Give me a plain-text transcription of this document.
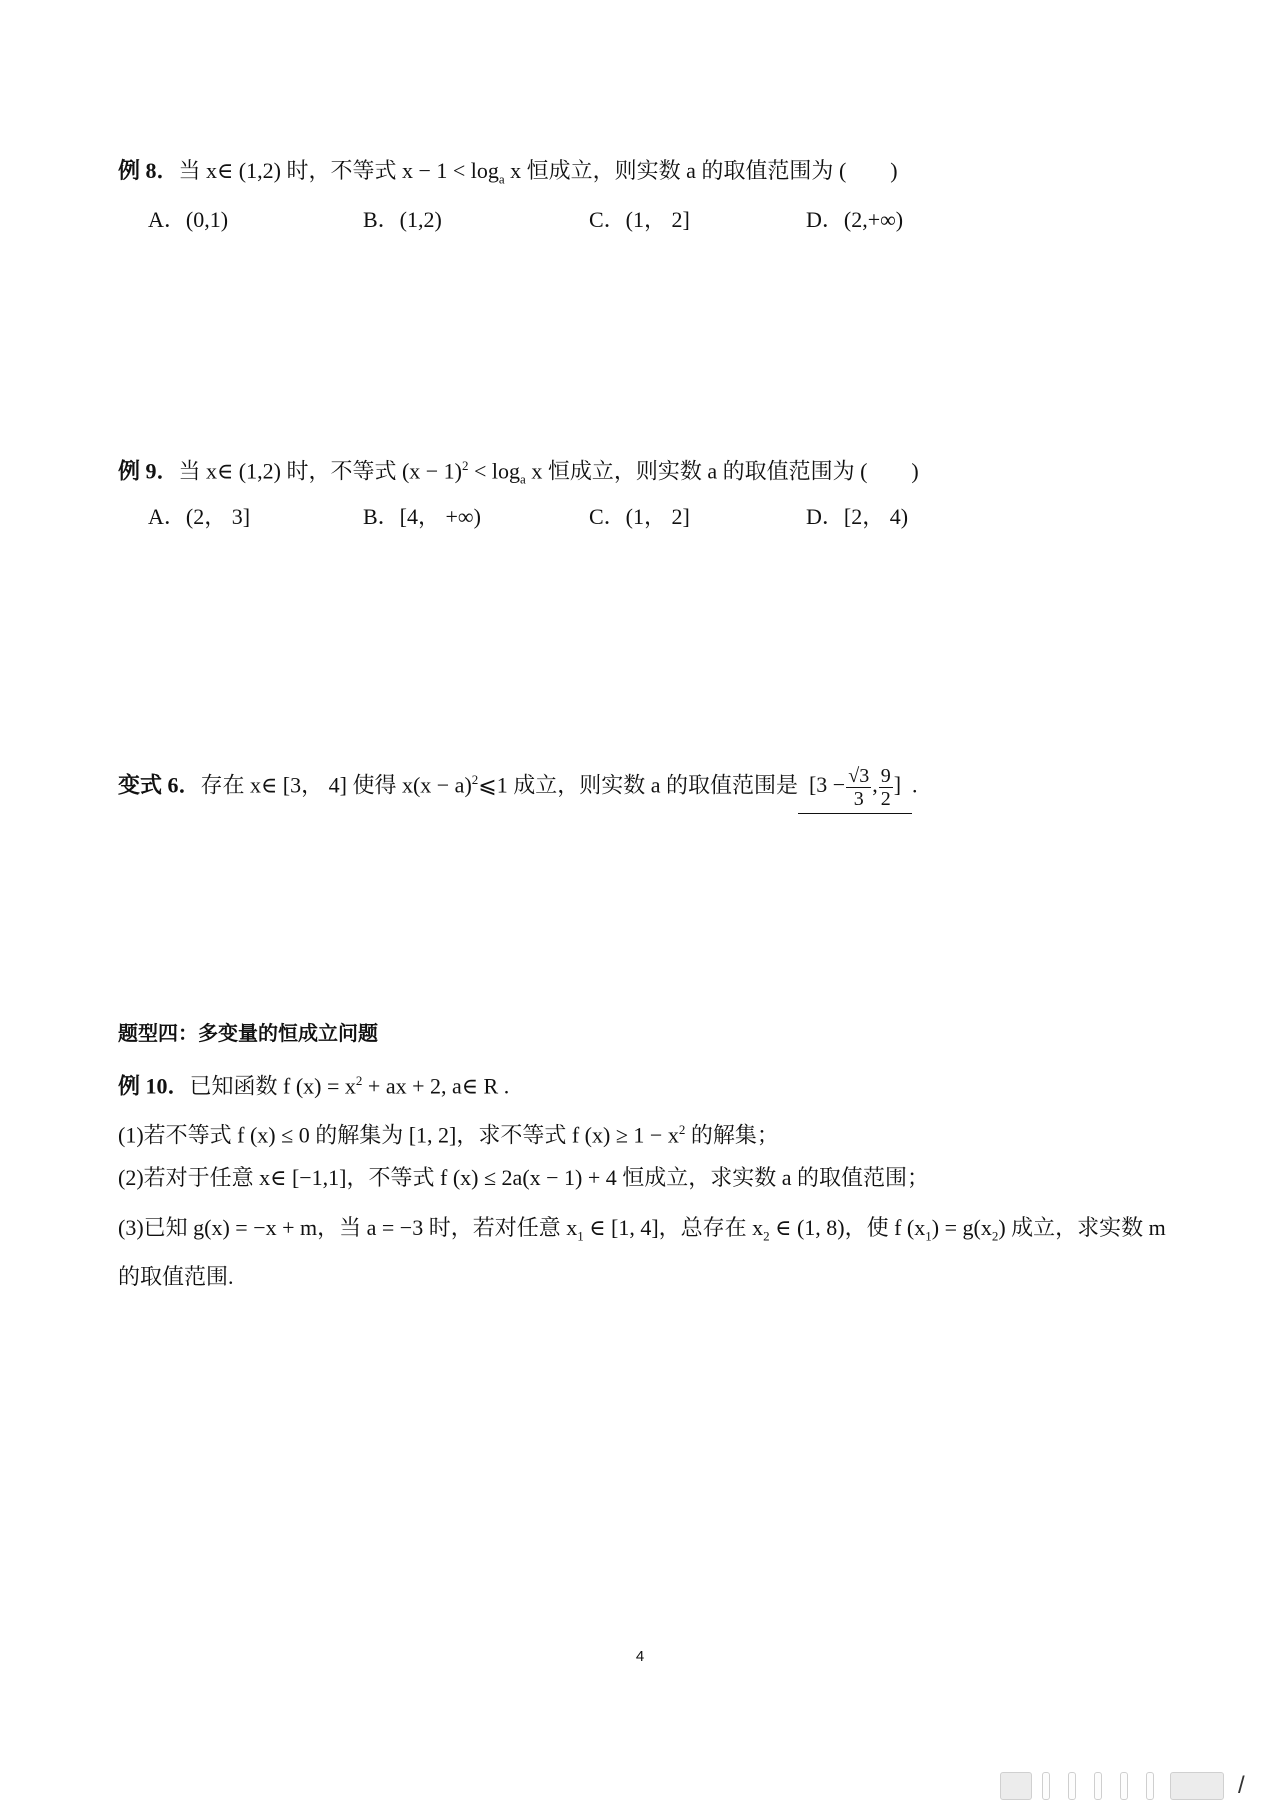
例 8．当 x∈ (1,2) 时，不等式 $x - 1 < \log_a x$ 恒成立，则实数 a 的取值范围为 (　　)
A．(0,1)	B．(1,2)	C．(1， 2]	D．(2,+∞)
例 9．当 x∈ (1,2) 时，不等式 $(x - 1)^2 < \log_a x$ 恒成立，则实数 a 的取值范围为 (　　)
A．(2， 3]	B．[4， +∞)	C．(1， 2]	D．[2， 4)
变式 6．存在 x∈ [3， 4] 使得 $x(x - a)^2⩽1$ 成立，则实数 a 的取值范围是 [$3 - \frac{√3}{3}$ , $\frac{9}{2}$ ] .
题型四：多变量的恒成立问题
例 10．已知函数 f $(x) = x^2$ + ax + 2, a∈ R .
(1)若不等式 f (x) ≤ 0 的解集为 [1, 2]，求不等式 f $(x) \ge 1 - x^2$ 的解集；
(2)若对于任意 x∈ [−1,1]，不等式 f (x) ≤ 2a(x − 1) + 4 恒成立，求实数 a 的取值范围；
(3)已知 g(x) = −x + m，当 a = −3 时，若对任意 $x_1$ ∈ [1, 4]，总存在 $x_2$ ∈ (1, 8)，使 f $(x_1) = g(x_2)$ 成立，求实数 m
的取值范围.
4
/
